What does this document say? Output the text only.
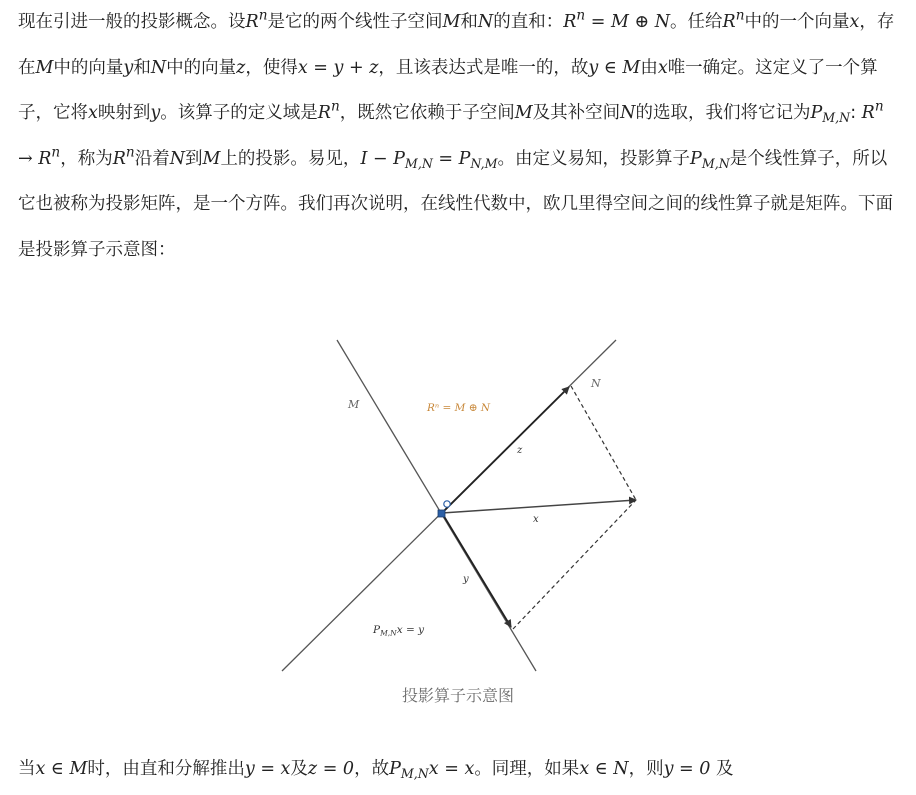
现在引进一般的投影概念。设$R^n$是它的两个线性子空间M和N的直和：$R^n = M$ ⊕ N。任给$R^n$中的一个向量x，存在M中的向量y和N中的向量z，使得x = y + z，且该表达式是唯一的，故y ∈ M由x唯一确定。这定义了一个算子，它将x映射到y。该算子的定义域是$R^n$，既然它依赖于子空间M及其补空间N的选取，我们将它记为$P_{M,N}$: $R^n \to R^n$，称为$R^n$沿着N到M上的投影。易见，$I - P_{M,N} = P_{N,M}$。由定义易知，投影算子$P_{M,N}$是个线性算子，所以它也被称为投影矩阵，是一个方阵。我们再次说明，在线性代数中，欧几里得空间之间的线性算子就是矩阵。下面是投影算子示意图：

M
N
Rⁿ = M ⊕ N
z
x
y
$P_{M,N}x = y$
投影算子示意图

当x ∈ M时，由直和分解推出y = x及z = 0，故$P_{M,N}x = x$。同理，如果x ∈ N，则y = 0 及
